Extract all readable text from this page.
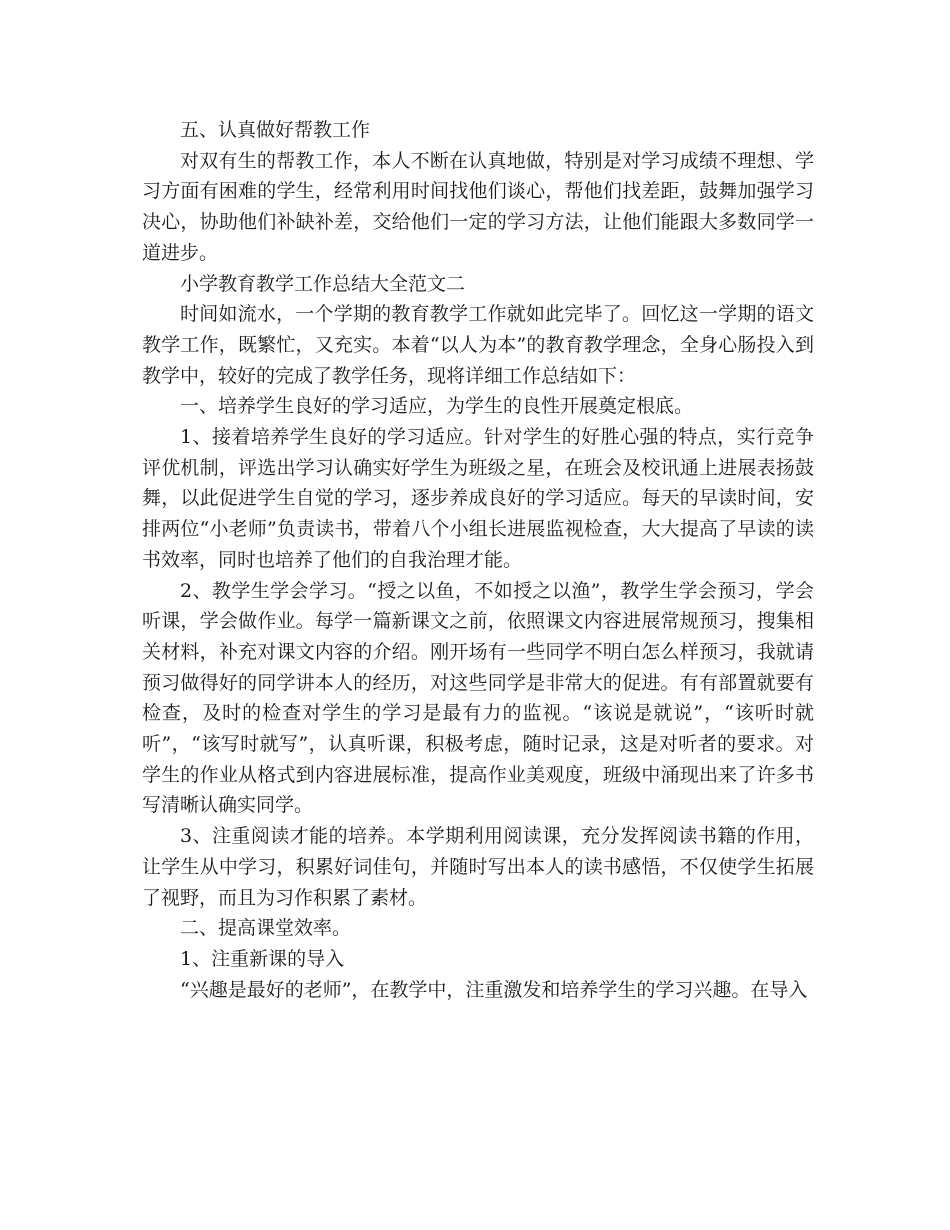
五、认真做好帮教工作

对双有生的帮教工作，本人不断在认真地做，特别是对学习成绩不理想、学习方面有困难的学生，经常利用时间找他们谈心，帮他们找差距，鼓舞加强学习决心，协助他们补缺补差，交给他们一定的学习方法，让他们能跟大多数同学一道进步。

小学教育教学工作总结大全范文二

时间如流水，一个学期的教育教学工作就如此完毕了。回忆这一学期的语文教学工作，既繁忙，又充实。本着“以人为本”的教育教学理念，全身心肠投入到教学中，较好的完成了教学任务，现将详细工作总结如下：

一、培养学生良好的学习适应，为学生的良性开展奠定根底。

1、接着培养学生良好的学习适应。针对学生的好胜心强的特点，实行竞争评优机制，评选出学习认确实好学生为班级之星，在班会及校讯通上进展表扬鼓舞，以此促进学生自觉的学习，逐步养成良好的学习适应。每天的早读时间，安排两位“小老师”负责读书，带着八个小组长进展监视检查，大大提高了早读的读书效率，同时也培养了他们的自我治理才能。

2、教学生学会学习。“授之以鱼，不如授之以渔”，教学生学会预习，学会听课，学会做作业。每学一篇新课文之前，依照课文内容进展常规预习，搜集相关材料，补充对课文内容的介绍。刚开场有一些同学不明白怎么样预习，我就请预习做得好的同学讲本人的经历，对这些同学是非常大的促进。有有部置就要有检查，及时的检查对学生的学习是最有力的监视。“该说是就说”，“该听时就听”，“该写时就写”，认真听课，积极考虑，随时记录，这是对听者的要求。对学生的作业从格式到内容进展标准，提高作业美观度，班级中涌现出来了许多书写清晰认确实同学。

3、注重阅读才能的培养。本学期利用阅读课，充分发挥阅读书籍的作用，让学生从中学习，积累好词佳句，并随时写出本人的读书感悟，不仅使学生拓展了视野，而且为习作积累了素材。

二、提高课堂效率。

1、注重新课的导入

“兴趣是最好的老师”，在教学中，注重激发和培养学生的学习兴趣。在导入
